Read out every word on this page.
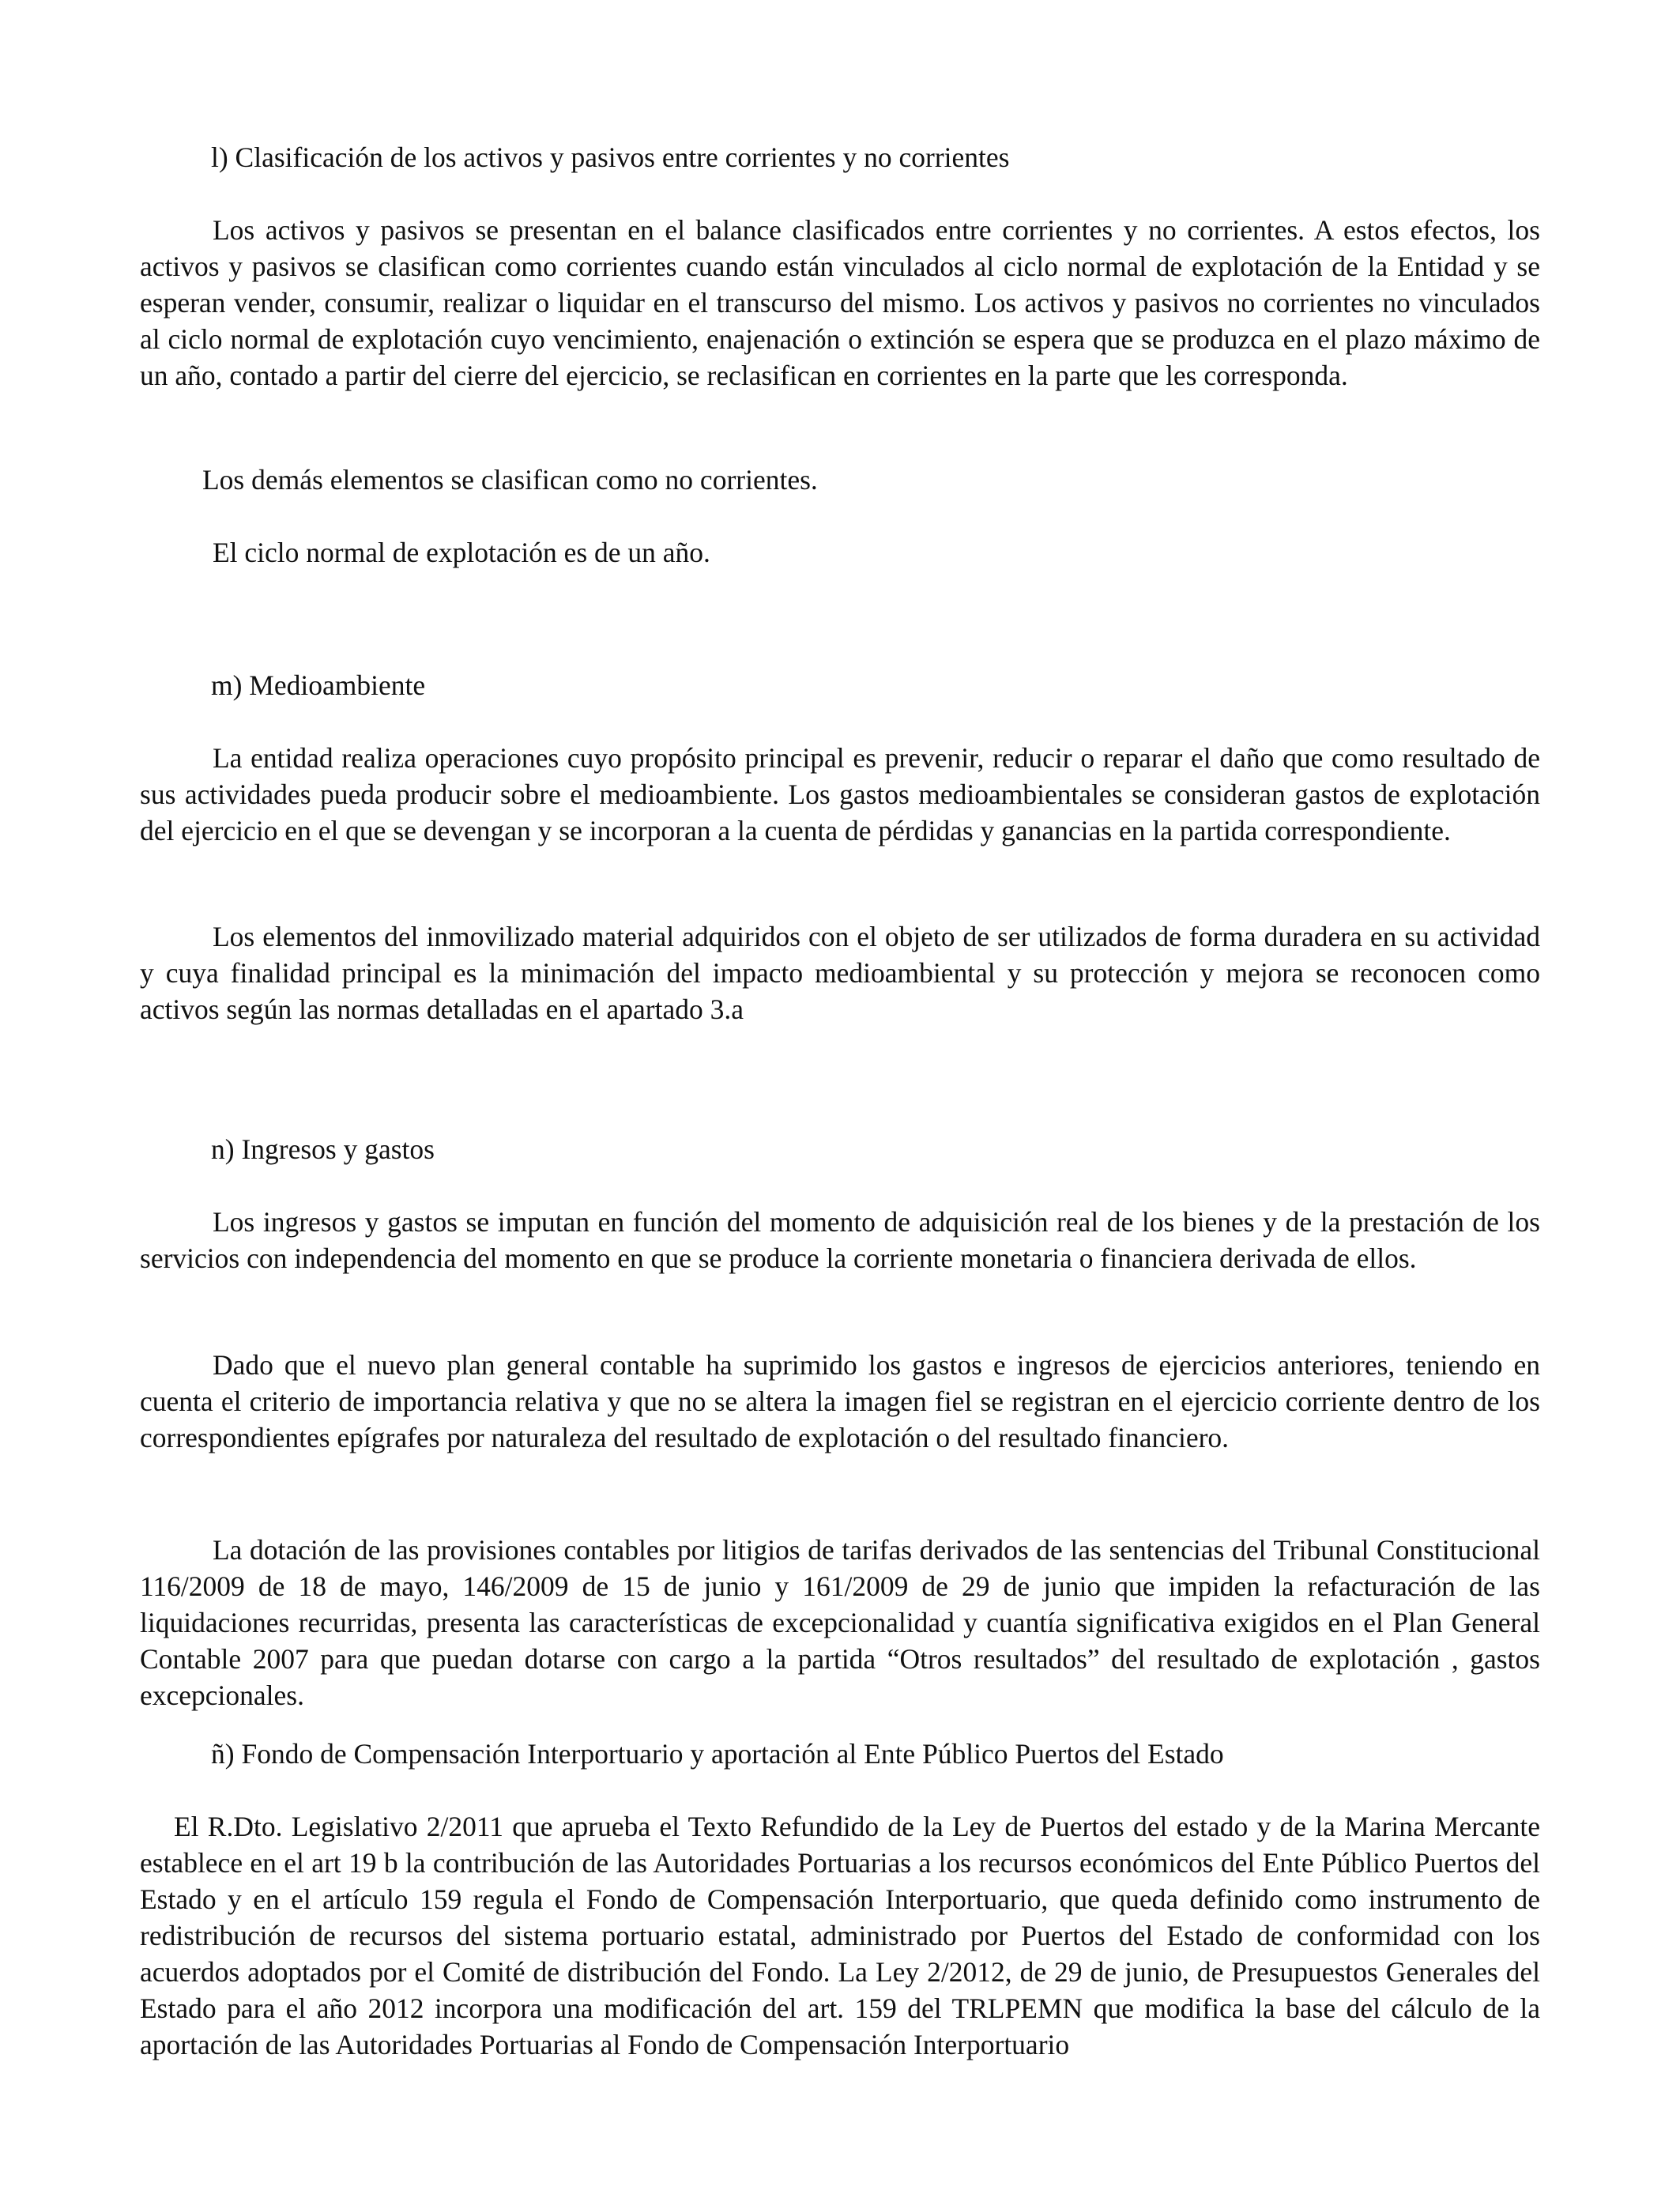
l) Clasificación de los activos y pasivos entre corrientes y no corrientes

Los activos y pasivos se presentan en el balance clasificados entre corrientes y no corrientes. A estos efectos, los activos y pasivos se clasifican como corrientes cuando están vinculados al ciclo normal de explotación de la Entidad y se esperan vender, consumir, realizar o liquidar en el transcurso del mismo. Los activos y pasivos no corrientes no vinculados al ciclo normal de explotación cuyo vencimiento, enajenación o extinción se espera que se produzca en el plazo máximo de un año, contado a partir del cierre del ejercicio, se reclasifican en corrientes en la parte que les corresponda.

Los demás elementos se clasifican como no corrientes.

El ciclo normal de explotación es de un año.

m) Medioambiente

La entidad realiza operaciones cuyo propósito principal es prevenir, reducir o reparar el daño que como resultado de sus actividades pueda producir sobre el medioambiente. Los gastos medioambientales se consideran gastos de explotación del ejercicio en el que se devengan y se incorporan a la cuenta de pérdidas y ganancias en la partida correspondiente.

Los elementos del inmovilizado material adquiridos con el objeto de ser utilizados de forma duradera en su actividad y cuya finalidad principal es la minimación del impacto medioambiental y su protección y mejora se reconocen como activos según las normas detalladas en el apartado 3.a

n) Ingresos y gastos

Los ingresos y gastos se imputan en función del momento de adquisición real de los bienes y de la prestación de los servicios con independencia del momento en que se produce la corriente monetaria o financiera derivada de ellos.

Dado que el nuevo plan general contable ha suprimido los gastos e ingresos de ejercicios anteriores, teniendo en cuenta el criterio de importancia relativa y que no se altera la imagen fiel se registran en el ejercicio corriente dentro de los correspondientes epígrafes por naturaleza del resultado de explotación o del resultado financiero.

La dotación de las provisiones contables por litigios de tarifas derivados de las sentencias del Tribunal Constitucional 116/2009 de 18 de mayo, 146/2009 de 15 de junio y 161/2009 de 29 de junio que impiden la refacturación de las liquidaciones recurridas, presenta las características de excepcionalidad y cuantía significativa exigidos en el Plan General Contable 2007 para que puedan dotarse con cargo a la partida “Otros resultados” del resultado de explotación , gastos excepcionales.

ñ) Fondo de Compensación Interportuario y aportación al Ente Público Puertos del Estado

El R.Dto. Legislativo 2/2011 que aprueba el Texto Refundido de la Ley de Puertos del estado y de la Marina Mercante establece en el art 19 b la contribución de las Autoridades Portuarias a los recursos económicos del Ente Público Puertos del Estado y en el artículo 159 regula el Fondo de Compensación Interportuario, que queda definido como instrumento de redistribución de recursos del sistema portuario estatal, administrado por Puertos del Estado de conformidad con los acuerdos adoptados por el Comité de distribución del Fondo. La Ley 2/2012, de 29 de junio, de Presupuestos Generales del Estado para el año 2012 incorpora una modificación del art. 159 del TRLPEMN que modifica la base del cálculo de la aportación de las Autoridades Portuarias al Fondo de Compensación Interportuario
